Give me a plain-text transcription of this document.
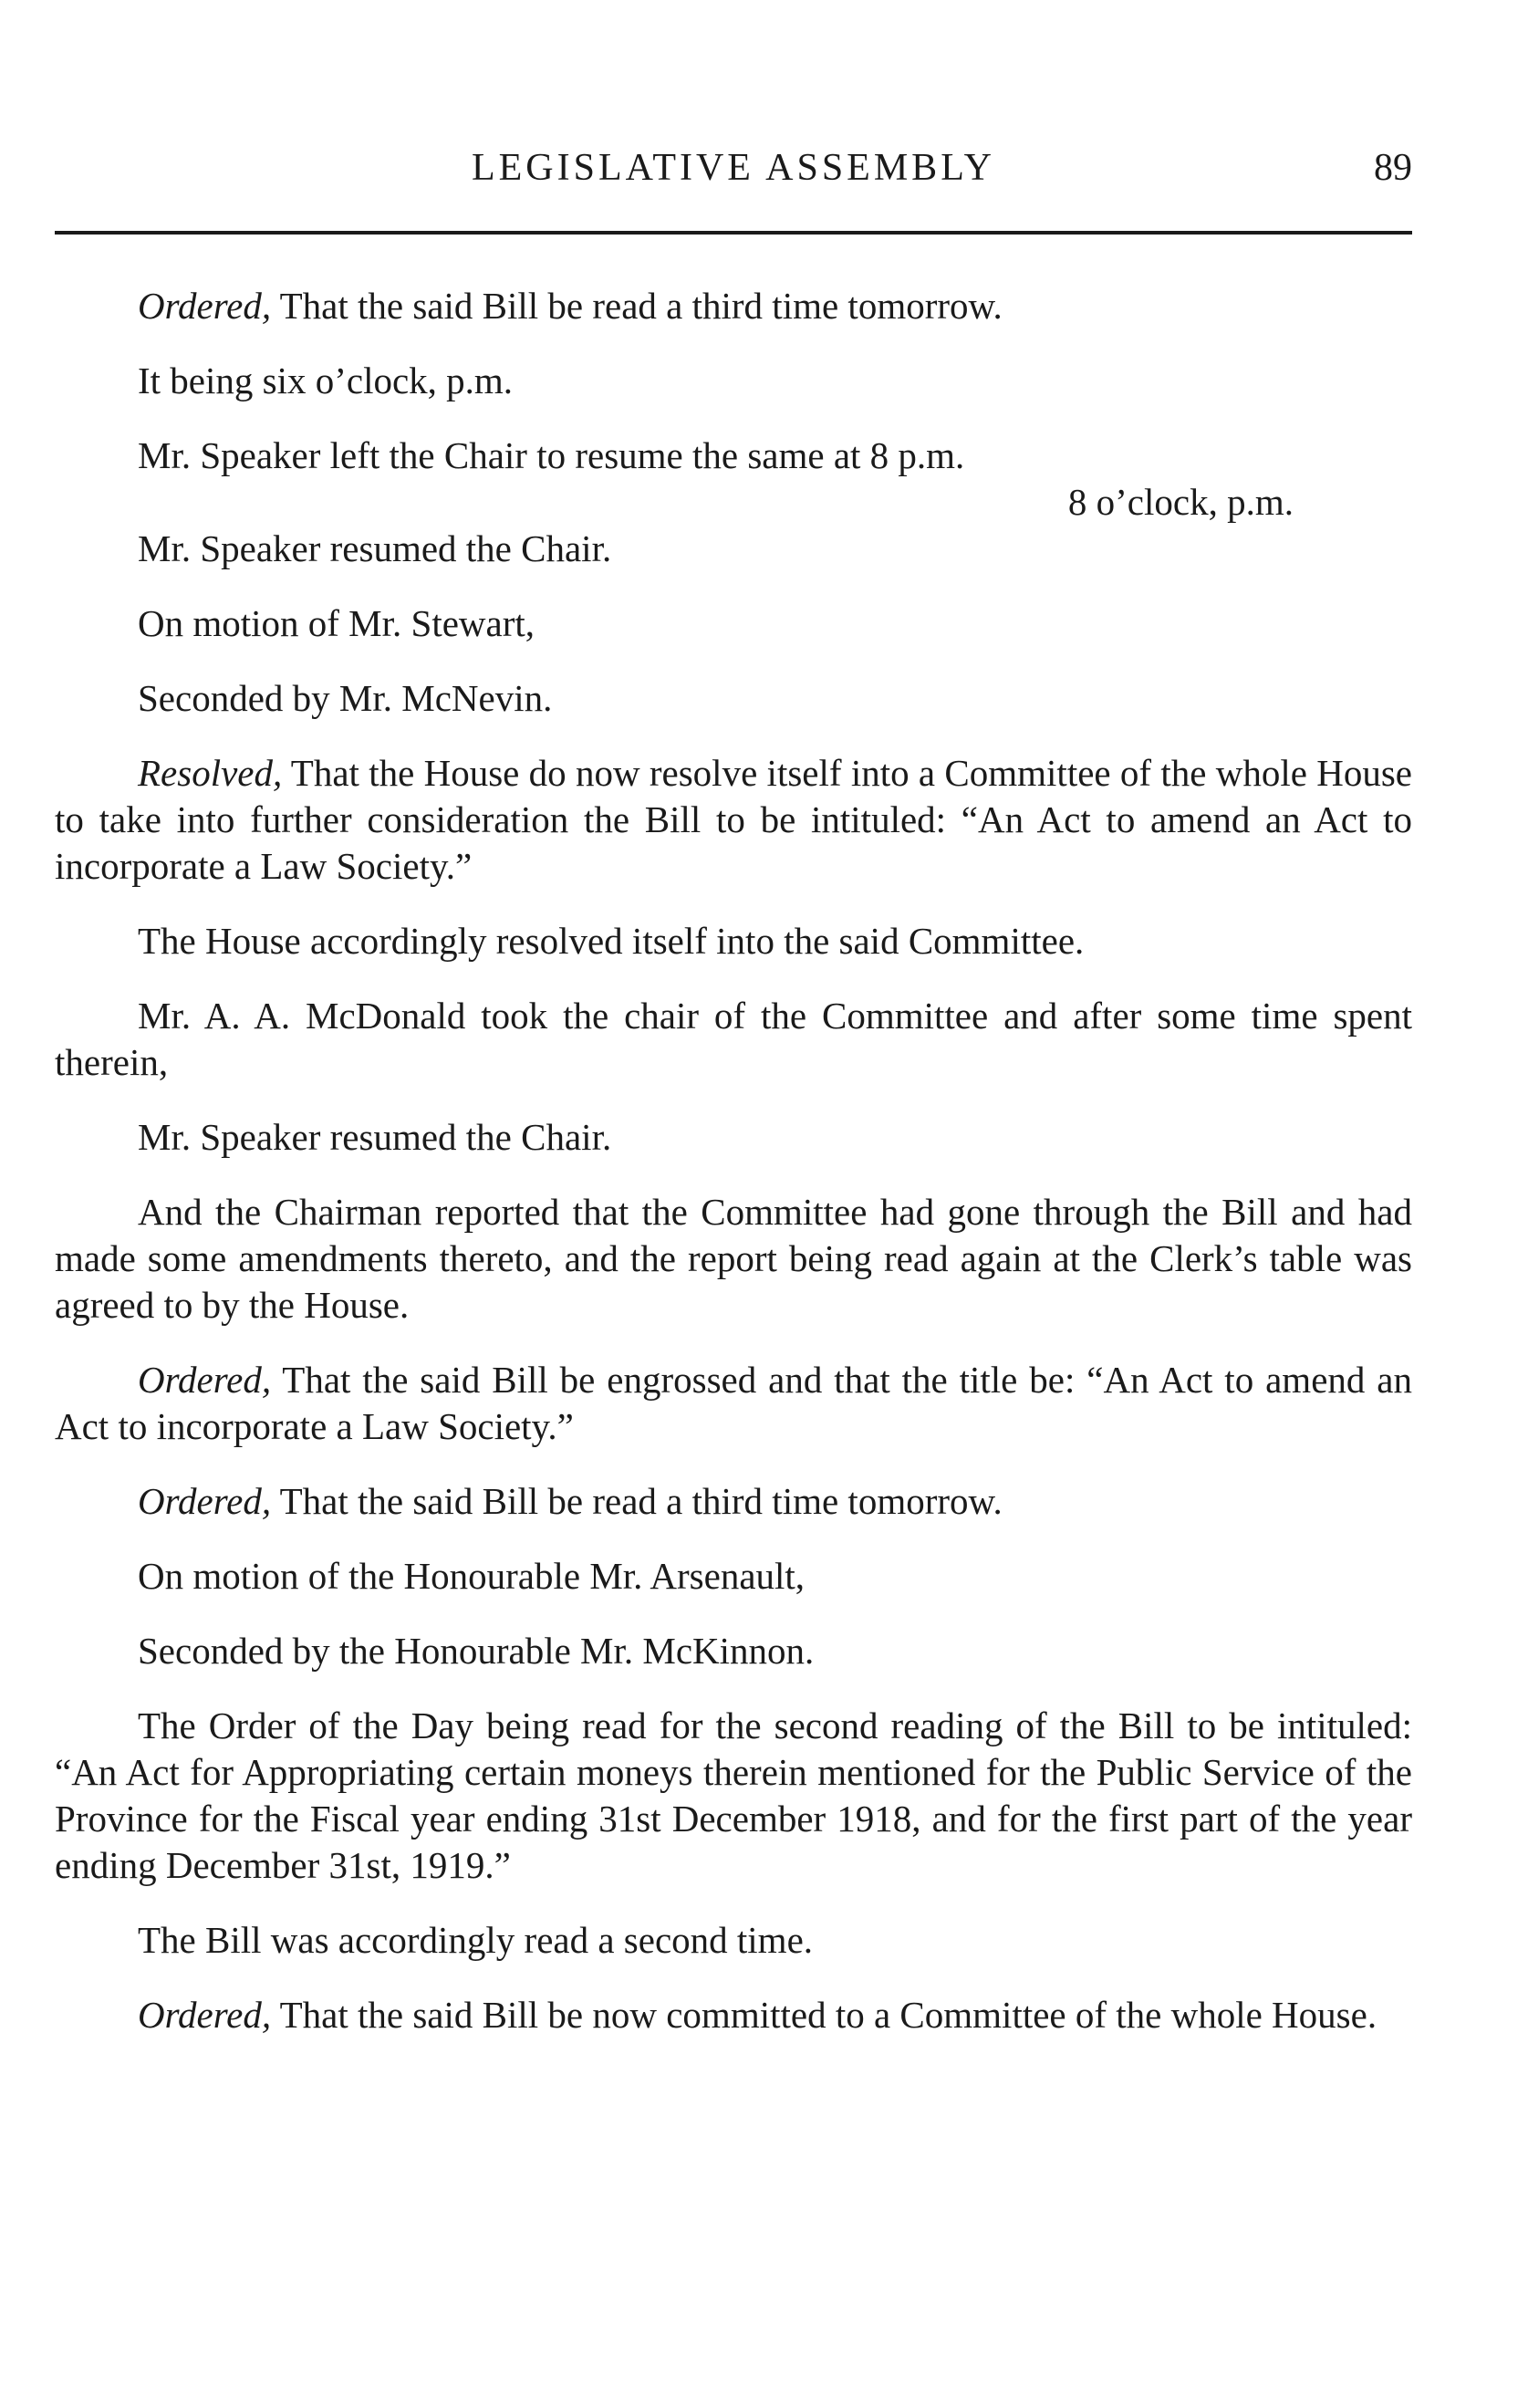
LEGISLATIVE ASSEMBLY	89

Ordered, That the said Bill be read a third time tomorrow.

It being six o’clock, p.m.

Mr. Speaker left the Chair to resume the same at 8 p.m.

8 o’clock, p.m.

Mr. Speaker resumed the Chair.

On motion of Mr. Stewart,

Seconded by Mr. McNevin.

Resolved, That the House do now resolve itself into a Committee of the whole House to take into further consideration the Bill to be intituled: “An Act to amend an Act to incorporate a Law Society.”

The House accordingly resolved itself into the said Committee.

Mr. A. A. McDonald took the chair of the Committee and after some time spent therein,

Mr. Speaker resumed the Chair.

And the Chairman reported that the Committee had gone through the Bill and had made some amendments thereto, and the report being read again at the Clerk’s table was agreed to by the House.

Ordered, That the said Bill be engrossed and that the title be: “An Act to amend an Act to incorporate a Law Society.”

Ordered, That the said Bill be read a third time tomorrow.

On motion of the Honourable Mr. Arsenault,

Seconded by the Honourable Mr. McKinnon.

The Order of the Day being read for the second reading of the Bill to be intituled: “An Act for Appropriating certain moneys therein mentioned for the Public Service of the Province for the Fiscal year ending 31st December 1918, and for the first part of the year ending December 31st, 1919.”

The Bill was accordingly read a second time.

Ordered, That the said Bill be now committed to a Committee of the whole House.
